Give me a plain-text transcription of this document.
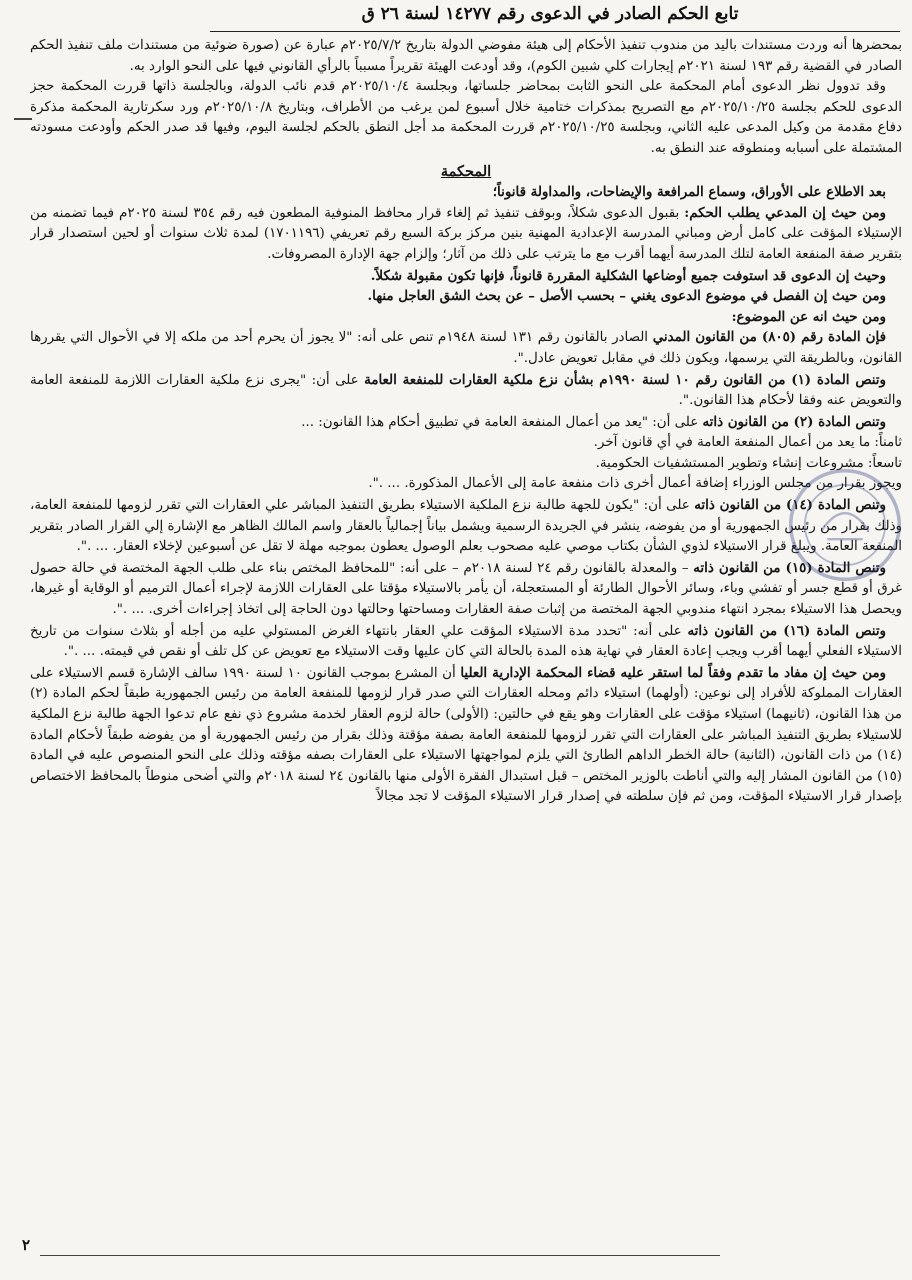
تابع الحكم الصادر في الدعوى رقم ١٤٢٧٧ لسنة ٢٦ ق

بمحضرها أنه وردت مستندات باليد من مندوب تنفيذ الأحكام إلى هيئة مفوضي الدولة بتاريخ ٢٠٢٥/٧/٢م عبارة عن (صورة ضوئية من مستندات ملف تنفيذ الحكم الصادر في القضية رقم ١٩٣ لسنة ٢٠٢١م إيجارات كلي شبين الكوم)، وقد أودعت الهيئة تقريراً مسبباً بالرأي القانوني فيها على النحو الوارد به.

وقد تدوول نظر الدعوى أمام المحكمة على النحو الثابت بمحاضر جلساتها، وبجلسة ٢٠٢٥/١٠/٤م قدم نائب الدولة، وبالجلسة ذاتها قررت المحكمة حجز الدعوى للحكم بجلسة ٢٠٢٥/١٠/٢٥م مع التصريح بمذكرات ختامية خلال أسبوع لمن يرغب من الأطراف، وبتاريخ ٢٠٢٥/١٠/٨م ورد سكرتارية المحكمة مذكرة دفاع مقدمة من وكيل المدعى عليه الثاني، وبجلسة ٢٠٢٥/١٠/٢٥م قررت المحكمة مد أجل النطق بالحكم لجلسة اليوم، وفيها قد صدر الحكم وأودعت مسودته المشتملة على أسبابه ومنطوقه عند النطق به.

المحكمة

بعد الاطلاع على الأوراق، وسماع المرافعة والإيضاحات، والمداولة قانوناً؛

ومن حيث إن المدعي يطلب الحكم: بقبول الدعوى شكلاً، وبوقف تنفيذ ثم إلغاء قرار محافظ المنوفية المطعون فيه رقم ٣٥٤ لسنة ٢٠٢٥م فيما تضمنه من الإستيلاء المؤقت على كامل أرض ومباني المدرسة الإعدادية المهنية بنين مركز بركة السبع رقم تعريفي (١٧٠١١٩٦) لمدة ثلاث سنوات أو لحين استصدار قرار بتقرير صفة المنفعة العامة لتلك المدرسة أيهما أقرب مع ما يترتب على ذلك من آثار؛ وإلزام جهة الإدارة المصروفات.

وحيث إن الدعوى قد استوفت جميع أوضاعها الشكلية المقررة قانوناً، فإنها تكون مقبولة شكلاً.

ومن حيث إن الفصل في موضوع الدعوى يغني – بحسب الأصل – عن بحث الشق العاجل منها.

ومن حيث انه عن الموضوع:

فإن المادة رقم (٨٠٥) من القانون المدني الصادر بالقانون رقم ١٣١ لسنة ١٩٤٨م تنص على أنه: "لا يجوز أن يحرم أحد من ملكه إلا في الأحوال التي يقررها القانون، وبالطريقة التي يرسمها، ويكون ذلك في مقابل تعويض عادل.".

وتنص المادة (١) من القانون رقم ١٠ لسنة ١٩٩٠م بشأن نزع ملكية العقارات للمنفعة العامة على أن: "يجرى نزع ملكية العقارات اللازمة للمنفعة العامة والتعويض عنه وفقا لأحكام هذا القانون.".

وتنص المادة (٢) من القانون ذاته على أن: "يعد من أعمال المنفعة العامة في تطبيق أحكام هذا القانون: ...

ثامناً: ما يعد من أعمال المنفعة العامة في أي قانون آخر.

تاسعاً: مشروعات إنشاء وتطوير المستشفيات الحكومية.

ويجوز بقرار من مجلس الوزراء إضافة أعمال أخرى ذات منفعة عامة إلى الأعمال المذكورة. ... .".

وتنص المادة (١٤) من القانون ذاته على أن: "يكون للجهة طالبة نزع الملكية الاستيلاء بطريق التنفيذ المباشر علي العقارات التي تقرر لزومها للمنفعة العامة، وذلك بقرار من رئيس الجمهورية أو من يفوضه، ينشر في الجريدة الرسمية ويشمل بياناً إجمالياً بالعقار واسم المالك الظاهر مع الإشارة إلي القرار الصادر بتقرير المنفعة العامة. ويبلغ قرار الاستيلاء لذوي الشأن بكتاب موصي عليه مصحوب بعلم الوصول يعطون بموجبه مهلة لا تقل عن أسبوعين لإخلاء العقار. ... .".

وتنص المادة (١٥) من القانون ذاته – والمعدلة بالقانون رقم ٢٤ لسنة ٢٠١٨م – على أنه: "للمحافظ المختص بناء على طلب الجهة المختصة في حالة حصول غرق أو قطع جسر أو تفشي وباء، وسائر الأحوال الطارئة أو المستعجلة، أن يأمر بالاستيلاء مؤقتا على العقارات اللازمة لإجراء أعمال الترميم أو الوقاية أو غيرها، ويحصل هذا الاستيلاء بمجرد انتهاء مندوبي الجهة المختصة من إثبات صفة العقارات ومساحتها وحالتها دون الحاجة إلى اتخاذ إجراءات أخرى. ... .".

وتنص المادة (١٦) من القانون ذاته على أنه: "تحدد مدة الاستيلاء المؤقت علي العقار بانتهاء الغرض المستولي عليه من أجله أو بثلاث سنوات من تاريخ الاستيلاء الفعلي أيهما أقرب ويجب إعادة العقار في نهاية هذه المدة بالحالة التي كان عليها وقت الاستيلاء مع تعويض عن كل تلف أو نقص في قيمته. ... .".

ومن حيث إن مفاد ما تقدم وفقاً لما استقر عليه قضاء المحكمة الإدارية العليا أن المشرع بموجب القانون ١٠ لسنة ١٩٩٠ سالف الإشارة قسم الاستيلاء على العقارات المملوكة للأفراد إلى نوعين: (أولهما) استيلاء دائم ومحله العقارات التي صدر قرار لزومها للمنفعة العامة من رئيس الجمهورية طبقاً لحكم المادة (٢) من هذا القانون، (ثانيهما) استيلاء مؤقت على العقارات وهو يقع في حالتين: (الأولى) حالة لزوم العقار لخدمة مشروع ذي نفع عام تدعوا الجهة طالبة نزع الملكية للاستيلاء بطريق التنفيذ المباشر على العقارات التي تقرر لزومها للمنفعة العامة بصفة مؤقتة وذلك بقرار من رئيس الجمهورية أو من يفوضه طبقاً لأحكام المادة (١٤) من ذات القانون، (الثانية) حالة الخطر الداهم الطارئ التي يلزم لمواجهتها الاستيلاء على العقارات بصفه مؤقته وذلك على النحو المنصوص عليه في المادة (١٥) من القانون المشار إليه والتي أناطت بالوزير المختص – قبل استبدال الفقرة الأولى منها بالقانون ٢٤ لسنة ٢٠١٨م والتي أضحى منوطاً بالمحافظ الاختصاص بإصدار قرار الاستيلاء المؤقت، ومن ثم فإن سلطته في إصدار قرار الاستيلاء المؤقت لا تجد مجالاً

٢
